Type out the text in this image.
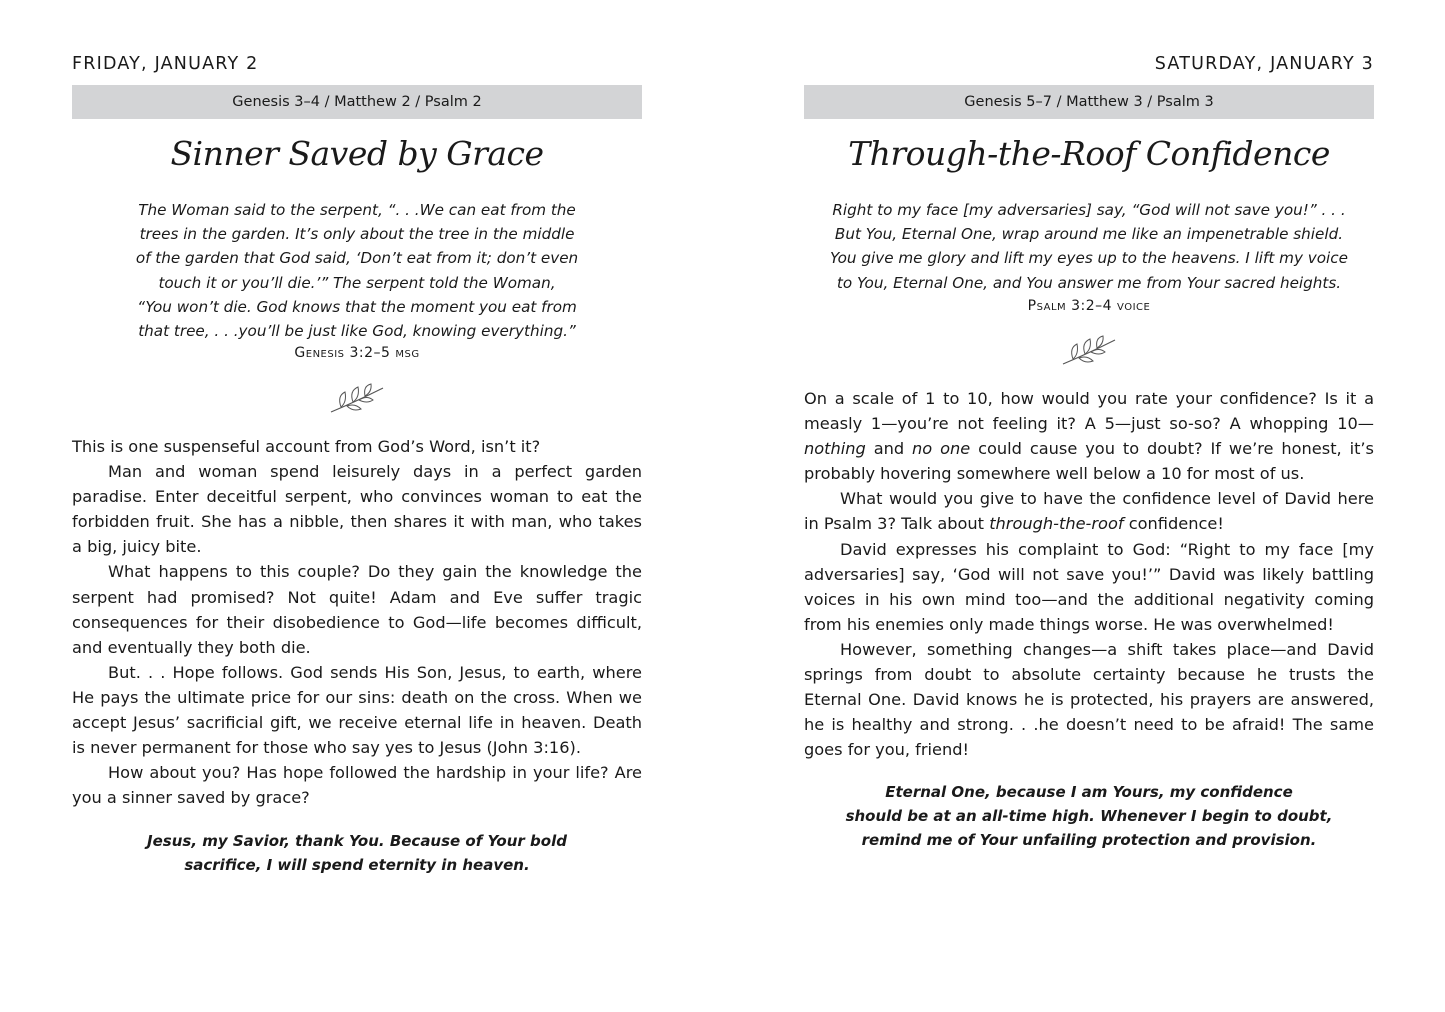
FRIDAY, JANUARY 2
Genesis 3–4 / Matthew 2 / Psalm 2
Sinner Saved by Grace

The Woman said to the serpent, “. . .We can eat from the
trees in the garden. It’s only about the tree in the middle
of the garden that God said, ‘Don’t eat from it; don’t even
touch it or you’ll die.’” The serpent told the Woman,
“You won’t die. God knows that the moment you eat from
that tree, . . .you’ll be just like God, knowing everything.”

Genesis 3:2–5 msg

This is one suspenseful account from God’s Word, isn’t it?

Man and woman spend leisurely days in a perfect garden paradise. Enter deceitful serpent, who convinces woman to eat the forbidden fruit. She has a nibble, then shares it with man, who takes a big, juicy bite.

What happens to this couple? Do they gain the knowledge the serpent had promised? Not quite! Adam and Eve suffer tragic consequences for their disobedience to God—life becomes difficult, and eventually they both die.

But. . . Hope follows. God sends His Son, Jesus, to earth, where He pays the ultimate price for our sins: death on the cross. When we accept Jesus’ sacrificial gift, we receive eternal life in heaven. Death is never permanent for those who say yes to Jesus (John 3:16).

How about you? Has hope followed the hardship in your life? Are you a sinner saved by grace?

Jesus, my Savior, thank You. Because of Your bold
sacrifice, I will spend eternity in heaven.
SATURDAY, JANUARY 3
Genesis 5–7 / Matthew 3 / Psalm 3
Through-the-Roof Confidence

Right to my face [my adversaries] say, “God will not save you!” . . .
But You, Eternal One, wrap around me like an impenetrable shield.
You give me glory and lift my eyes up to the heavens. I lift my voice
to You, Eternal One, and You answer me from Your sacred heights.

Psalm 3:2–4 voice

On a scale of 1 to 10, how would you rate your confidence? Is it a measly 1—you’re not feeling it? A 5—just so-so? A whopping 10—nothing and no one could cause you to doubt? If we’re honest, it’s probably hovering somewhere well below a 10 for most of us.

What would you give to have the confidence level of David here in Psalm 3? Talk about through-the-roof confidence!

David expresses his complaint to God: “Right to my face [my adversaries] say, ‘God will not save you!’” David was likely battling voices in his own mind too—and the additional negativity coming from his enemies only made things worse. He was overwhelmed!

However, something changes—a shift takes place—and David springs from doubt to absolute certainty because he trusts the Eternal One. David knows he is protected, his prayers are answered, he is healthy and strong. . .he doesn’t need to be afraid! The same goes for you, friend!

Eternal One, because I am Yours, my confidence
should be at an all-time high. Whenever I begin to doubt,
remind me of Your unfailing protection and provision.
